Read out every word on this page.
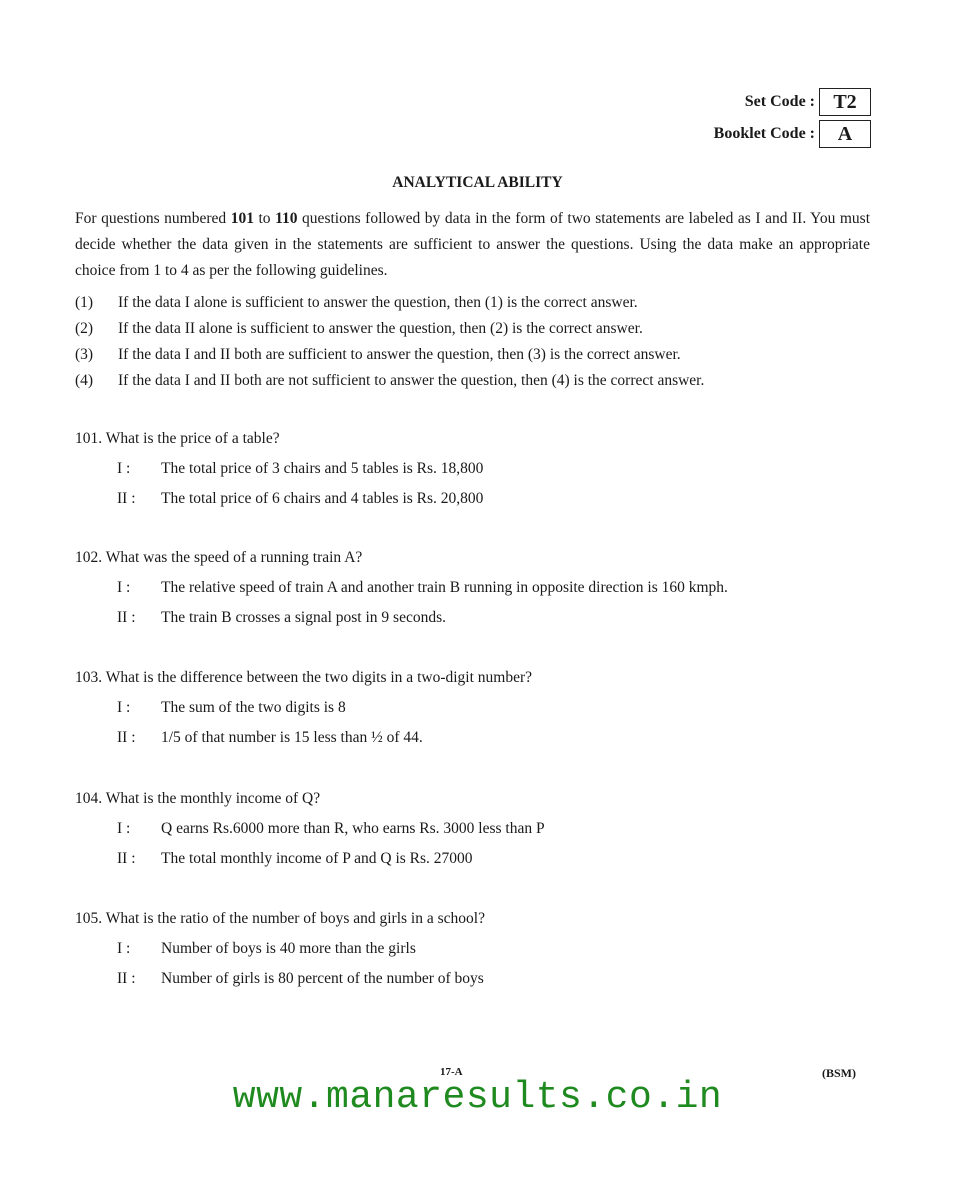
Set Code : T2
Booklet Code :	A
ANALYTICAL ABILITY
For questions numbered 101 to 110 questions followed by data in the form of two statements are labeled as I and II. You must decide whether the data given in the statements are sufficient to answer the questions. Using the data make an appropriate choice from 1 to 4 as per the following guidelines.
(1)	If the data I alone is sufficient to answer the question, then (1) is the correct answer.
(2)	If the data II alone is sufficient to answer the question, then (2) is the correct answer.
(3)	If the data I and II both are sufficient to answer the question, then (3) is the correct answer.
(4)	If the data I and II both are not sufficient to answer the question, then (4) is the correct answer.
101. What is the price of a table?
I :	The total price of 3 chairs and 5 tables is Rs. 18,800
II :	The total price of 6 chairs and 4 tables is Rs. 20,800
102. What was the speed of a running train A?
I :	The relative speed of train A and another train B running in opposite direction is 160 kmph.
II :	The train B crosses a signal post in 9 seconds.
103. What is the difference between the two digits in a two-digit number?
I :	The sum of the two digits is 8
II :	1/5 of that number is 15 less than ½ of 44.
104. What is the monthly income of Q?
I :	Q earns Rs.6000 more than R, who earns Rs. 3000 less than P
II :	The total monthly income of P and Q is Rs. 27000
105. What is the ratio of the number of boys and girls in a school?
I :	Number of boys is 40 more than the girls
II :	Number of girls is 80 percent of the number of boys
17-A	(BSM)
www.manaresults.co.in
